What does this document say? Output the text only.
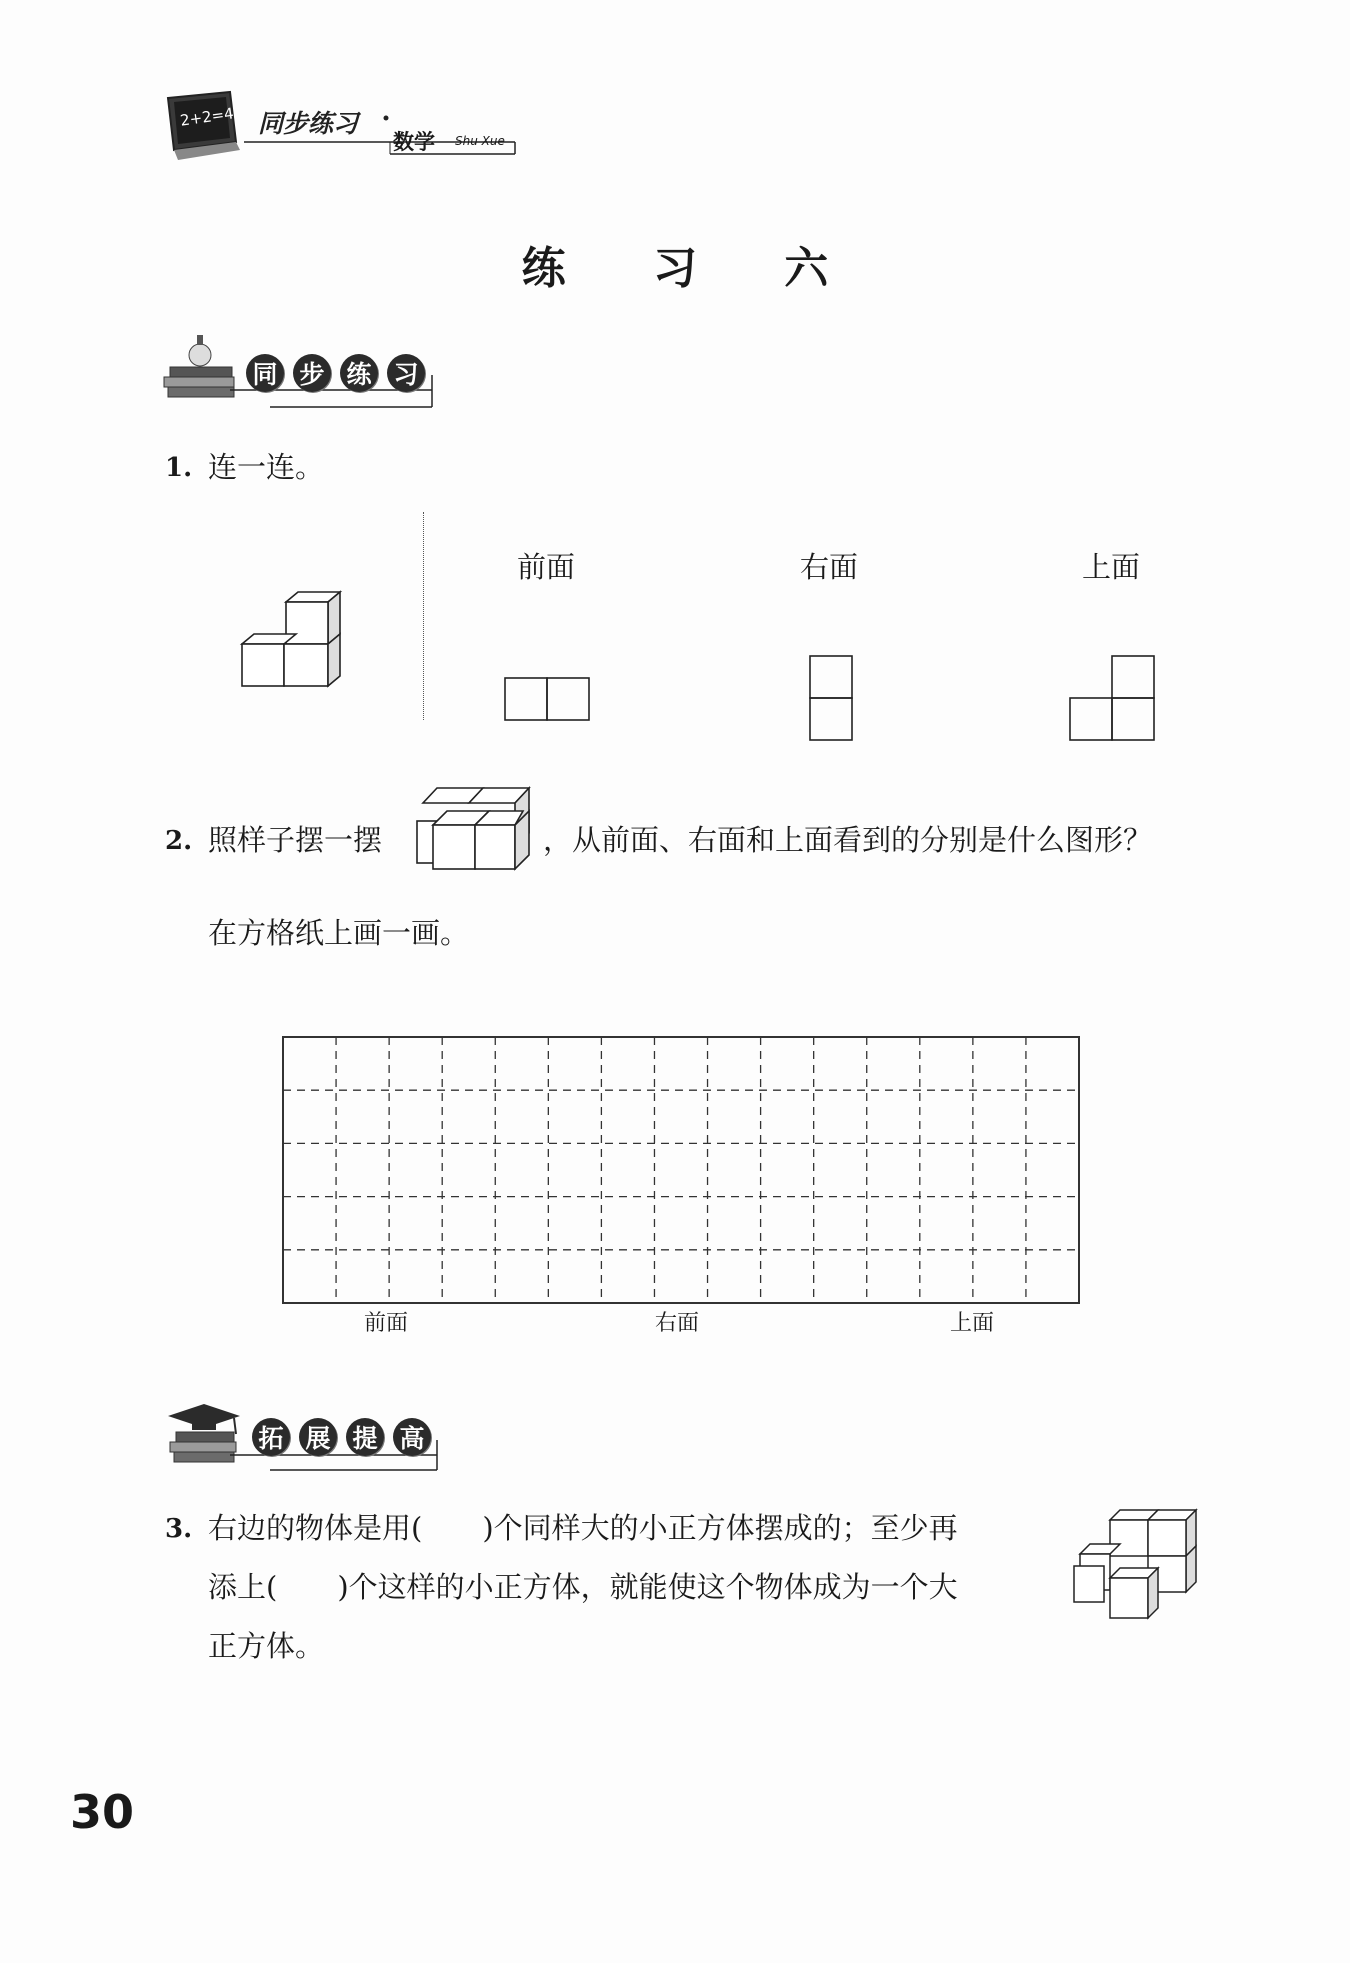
2+2=4 同步练习
数学 Shu Xue
练 习 六
同 步 练 习
1. 连一连。
前面	右面	上面
2. 照样子摆一摆	，从前面、右面和上面看到的分别是什么图形？
在方格纸上画一画。
前面	右面	上面
拓 展 提 高
3. 右边的物体是用( )个同样大的小正方体摆成的；至少再
添上( )个这样的小正方体，就能使这个物体成为一个大
正方体。
30
